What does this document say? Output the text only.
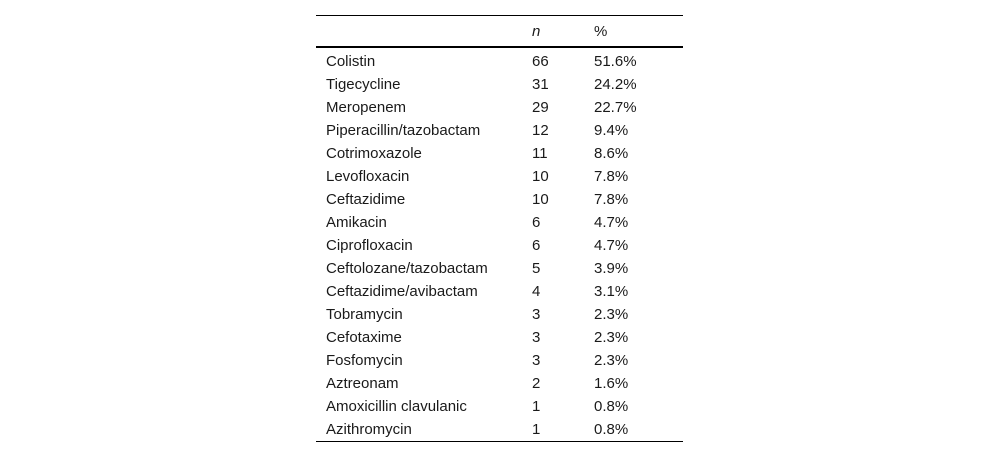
	n	%

Colistin	66	51.6%
Tigecycline	31	24.2%
Meropenem	29	22.7%
Piperacillin/tazobactam	12	9.4%
Cotrimoxazole	11	8.6%
Levofloxacin	10	7.8%
Ceftazidime	10	7.8%
Amikacin	6	4.7%
Ciprofloxacin	6	4.7%
Ceftolozane/tazobactam	5	3.9%
Ceftazidime/avibactam	4	3.1%
Tobramycin	3	2.3%
Cefotaxime	3	2.3%
Fosfomycin	3	2.3%
Aztreonam	2	1.6%
Amoxicillin clavulanic	1	0.8%
Azithromycin	1	0.8%
